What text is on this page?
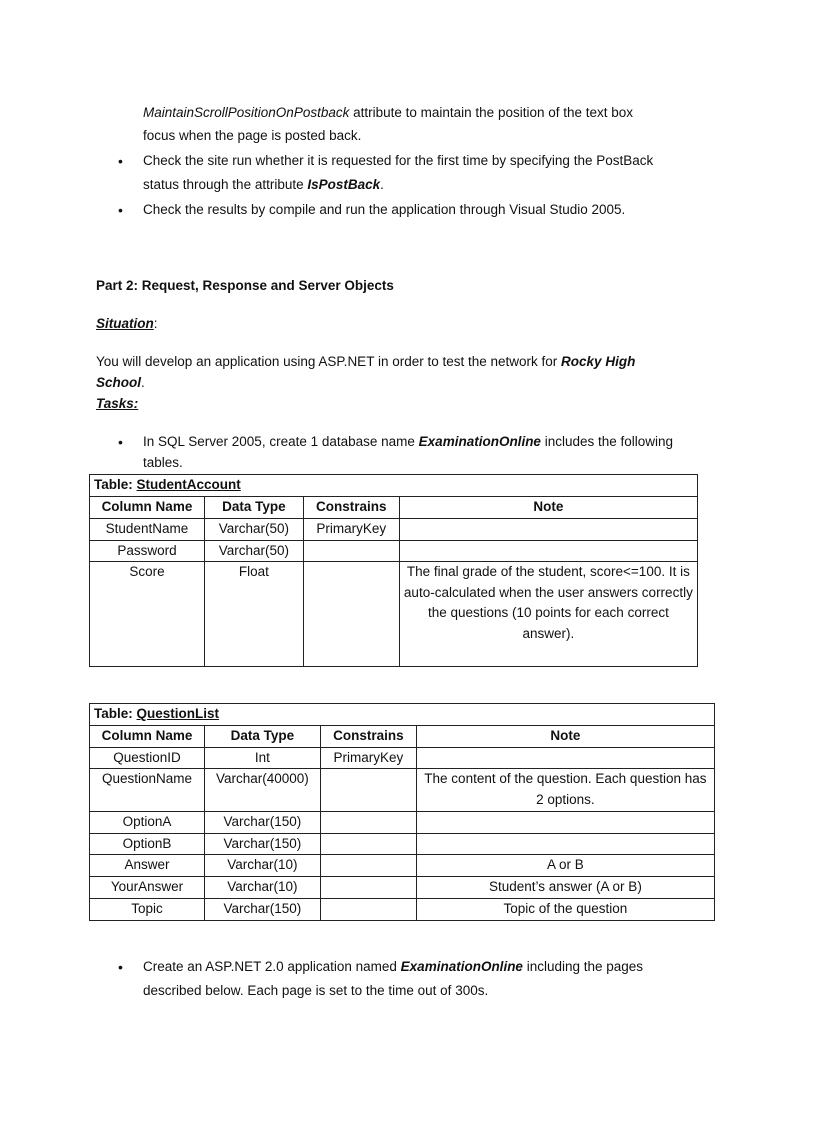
MaintainScrollPositionOnPostback attribute to maintain the position of the text box
focus when the page is posted back.
• Check the site run whether it is requested for the first time by specifying the PostBack
status through the attribute IsPostBack.
• Check the results by compile and run the application through Visual Studio 2005.
Part 2: Request, Response and Server Objects
Situation:
You will develop an application using ASP.NET in order to test the network for Rocky High
School.
Tasks:
• In SQL Server 2005, create 1 database name ExaminationOnline includes the following
tables.
Table: StudentAccount			
Column Name	Data Type	Constrains	Note
StudentName	Varchar(50)	PrimaryKey	
Password	Varchar(50)		
Score	Float		The final grade of the student, score<=100. It is auto-calculated when the user answers correctly the questions (10 points for each correct answer).
Table: QuestionList			
Column Name	Data Type	Constrains	Note
QuestionID	Int	PrimaryKey	
QuestionName	Varchar(40000)		The content of the question. Each question has 2 options.
OptionA	Varchar(150)		
OptionB	Varchar(150)		
Answer	Varchar(10)		A or B
YourAnswer	Varchar(10)		Student’s answer (A or B)
Topic	Varchar(150)		Topic of the question
• Create an ASP.NET 2.0 application named ExaminationOnline including the pages
described below. Each page is set to the time out of 300s.
